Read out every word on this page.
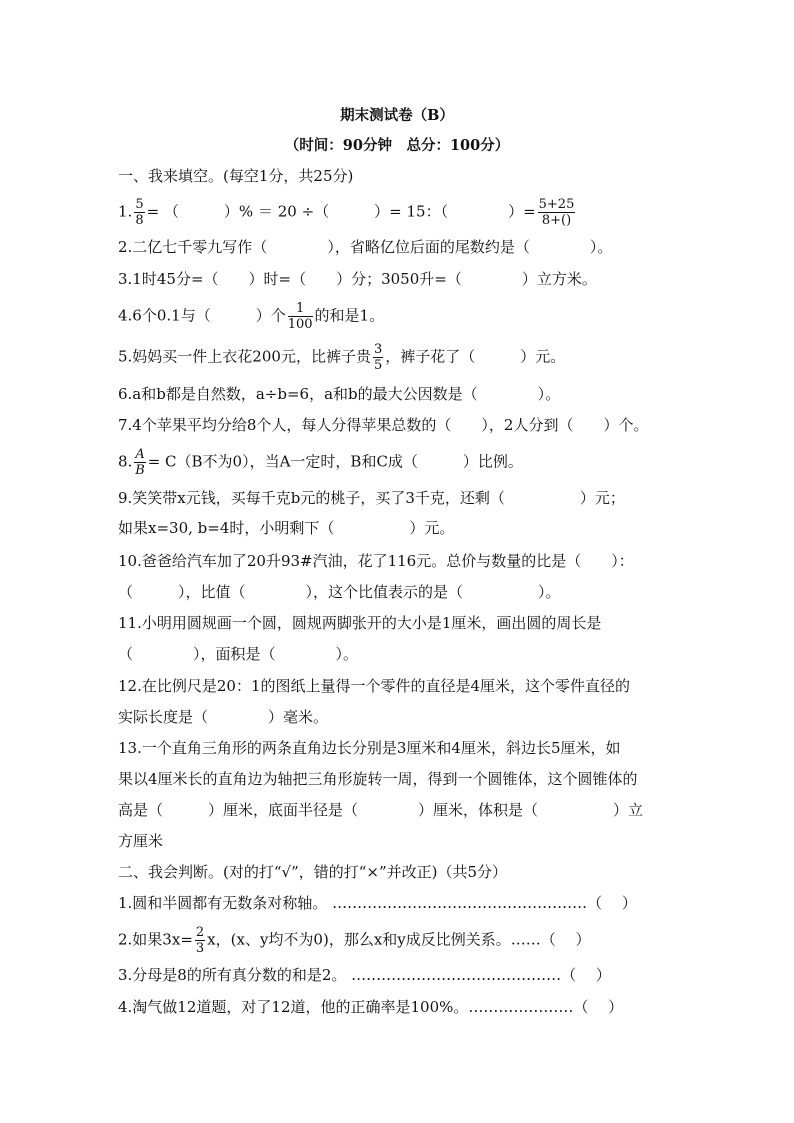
期末测试卷（B）
（时间：90分钟　总分：100分）
一、我来填空。(每空1分，共25分)
1. $\frac{5}{8}$ = （　　　）% ＝ 20 ÷（　　　）= 15：（　　　　）= $\frac{5+25}{8+()}$
2.二亿七千零九写作（　　　　），省略亿位后面的尾数约是（　　　　）。
3.1时45分=（　　）时=（　　）分；3050升=（　　　　）立方米。
4.6个0.1与（　　　）个 $\frac{1}{100}$ 的和是1。
5.妈妈买一件上衣花200元，比裤子贵 $\frac{3}{5}$ ，裤子花了（　　　）元。
6.a和b都是自然数，a÷b=6，a和b的最大公因数是（　　　　）。
7.4个苹果平均分给8个人，每人分得苹果总数的（　　），2人分到（　　）个。
8. $\frac{A}{B} = C(B$不为0），当A一定时，B和C成（　　　）比例。
9.笑笑带x元钱，买每千克b元的桃子，买了3千克，还剩（　　　　　）元；
如果x=30, b=4时，小明剩下（　　　　　）元。
10.爸爸给汽车加了20升93#汽油，花了116元。总价与数量的比是（　　）：
（　　　），比值（　　　　），这个比值表示的是（　　　　　）。
11.小明用圆规画一个圆，圆规两脚张开的大小是1厘米，画出圆的周长是
（　　　　），面积是（　　　　）。
12.在比例尺是20：1的图纸上量得一个零件的直径是4厘米，这个零件直径的
实际长度是（　　　　）毫米。
13.一个直角三角形的两条直角边长分别是3厘米和4厘米，斜边长5厘米，如
果以4厘米长的直角边为轴把三角形旋转一周，得到一个圆锥体，这个圆锥体的
高是（　　　）厘米，底面半径是（　　　　）厘米，体积是（　　　　　）立
方厘米
二、我会判断。(对的打“√”，错的打“×”并改正)（共5分）
1.圆和半圆都有无数条对称轴。 ……………………………………………（　 ）
2.如果$3x= \frac{2}{3}$ x，(x、y均不为0)，那么x和y成反比例关系。……（　 ）
3.分母是8的所有真分数的和是2。 ……………………………………（　 ）
4.淘气做12道题，对了12道，他的正确率是100%。…………………（　 ）
